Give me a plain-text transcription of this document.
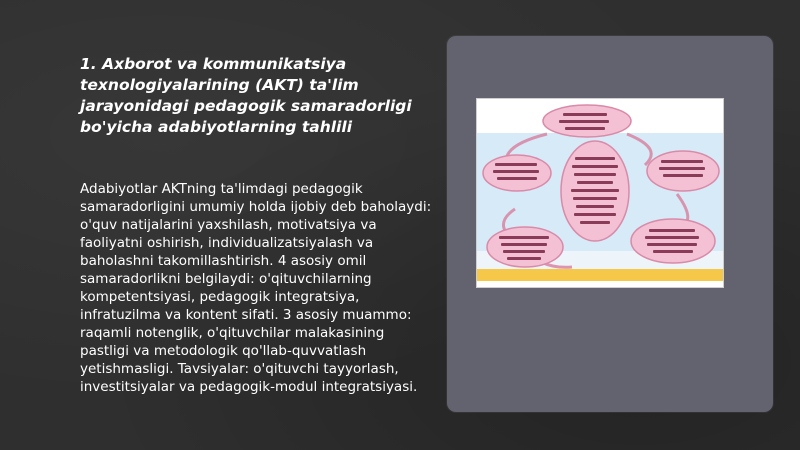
1. Axborot va kommunikatsiya texnologiyalarining (AKT) ta'lim jarayonidagi pedagogik samaradorligi bo'yicha adabiyotlarning tahlili

Adabiyotlar AKTning ta'limdagi pedagogik samaradorligini umumiy holda ijobiy deb baholaydi: o'quv natijalarini yaxshilash, motivatsiya va faoliyatni oshirish, individualizatsiyalash va baholashni takomillashtirish. 4 asosiy omil samaradorlikni belgilaydi: o'qituvchilarning kompetentsiyasi, pedagogik integratsiya, infratuzilma va kontent sifati. 3 asosiy muammo: raqamli notenglik, o'qituvchilar malakasining pastligi va metodologik qo'llab-quvvatlash yetishmasligi. Tavsiyalar: o'qituvchi tayyorlash, investitsiyalar va pedagogik-modul integratsiyasi.
